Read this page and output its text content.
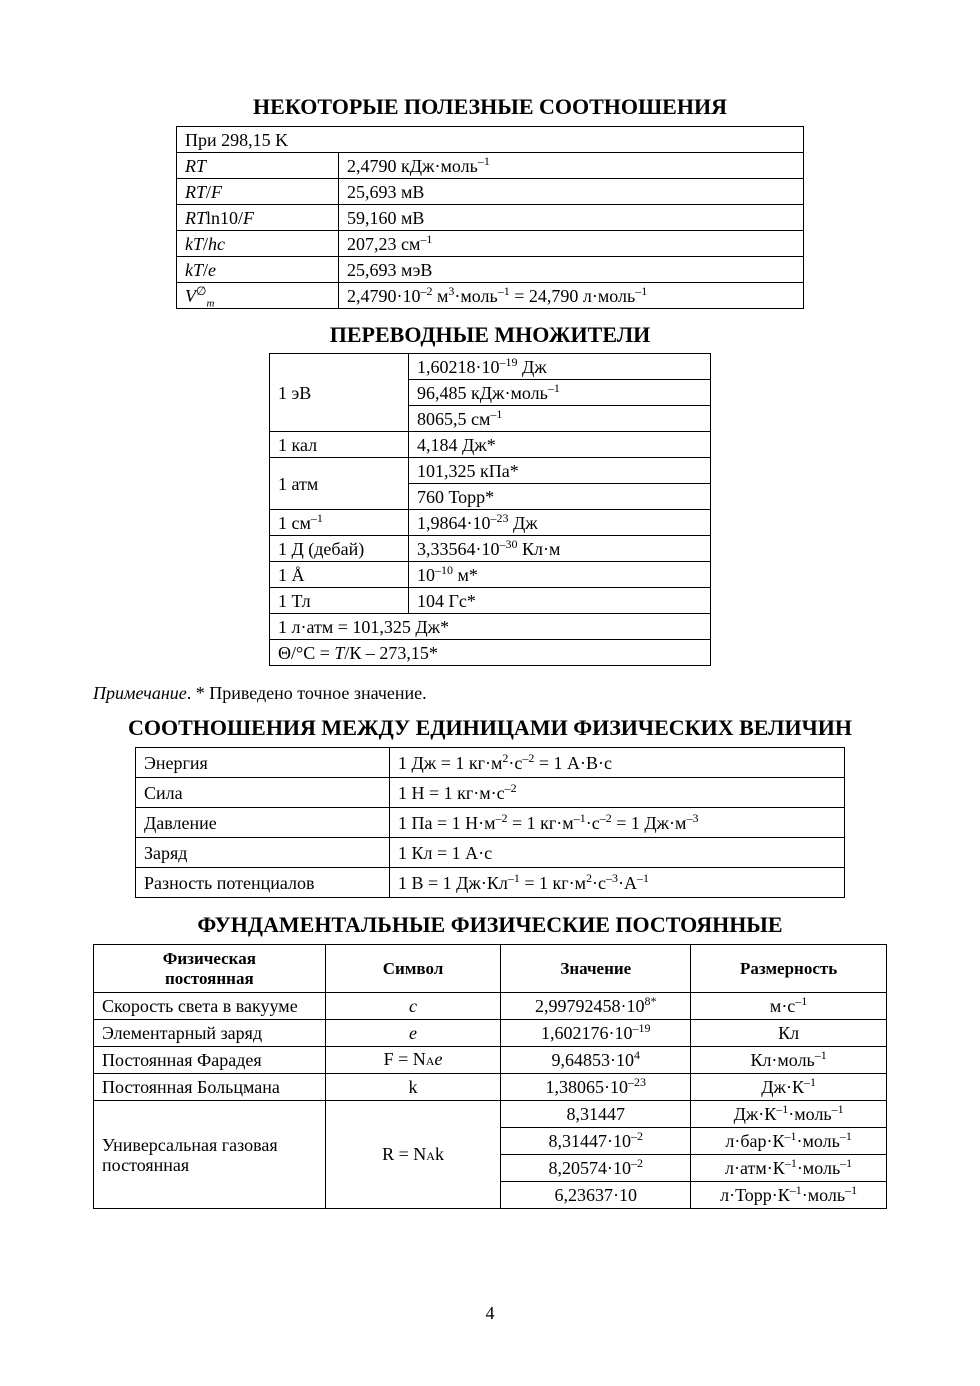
НЕКОТОРЫЕ ПОЛЕЗНЫЕ СООТНОШЕНИЯ
При 298,15 K	
RT	2,4790 кДж·моль$^{-1}$
RT/F	25,693 мВ
RTln10/F	59,160 мВ
kT/hc	207,23 $см^{-1}$
kT/e	25,693 мэВ
$V^\emptyset_m$	$2,4790\cdot 10^{-2}$ $м^3\cdot моль^{-1} = 24,790$ л·моль$^{-1}$
ПЕРЕВОДНЫЕ МНОЖИТЕЛИ
1 эВ	$1,60218\cdot 10^{-19}$ Дж
	96,485 кДж·моль$^{-1}$
	8065,5 $см^{-1}$
1 кал	4,184 Дж*
1 атм	101,325 кПа*
	760 Торр*
1 $см^{-1}$	$1,9864\cdot 10^{-23}$ Дж
1 Д (дебай)	$3,33564\cdot 10^{-30}$ Кл·м
1 Å	$10^{-10}$ м*
1 Тл	104 Гс*
1 л·атм = 101,325 Дж*	
Θ/°C = T/К – 273,15*	
Примечание. * Приведено точное значение.
СООТНОШЕНИЯ МЕЖДУ ЕДИНИЦАМИ ФИЗИЧЕСКИХ ВЕЛИЧИН
Энергия	1 Дж = 1 $кг\cdot м^2\cdot с^{-2} = 1$ А·В·с
Сила	1 Н = 1 $кг\cdot м\cdot с^{-2}$
Давление	1 Па = 1 $Н\cdot м^{-2} = 1$ $кг\cdot м^{-1}\cdot с^{-2} = 1$ $Дж\cdot м^{-3}$
Заряд	1 Кл = 1 А·с
Разность потенциалов	1 В = 1 $Дж\cdot Кл^{-1} = 1$ $кг\cdot м^2\cdot с^{-3}\cdot А^{-1}$
ФУНДАМЕНТАЛЬНЫЕ ФИЗИЧЕСКИЕ ПОСТОЯННЫЕ
Физическая
постоянная	Символ	Значение	Размерность
Скорость света в вакууме	c	$2,99792458\cdot 10^{8*}$	$м\cdot с^{-1}$
Элементарный заряд	e	$1,602176\cdot 10^{-19}$	Кл
Постоянная Фарадея	F = NAe	$9,64853\cdot 10^4$	Кл·моль$^{-1}$
Постоянная Больцмана	k	$1,38065\cdot 10^{-23}$	$Дж\cdot К^{-1}$
Универсальная газовая постоянная	R = NAk	8,31447	$Дж\cdot К^{-1}\cdot моль^{-1}$
		$8,31447\cdot 10^{-2}$	$л\cdot бар\cdot К^{-1}\cdot моль^{-1}$
		$8,20574\cdot 10^{-2}$	$л\cdot атм\cdot К^{-1}\cdot моль^{-1}$
		6,23637·10	$л\cdot Торр\cdot К^{-1}\cdot моль^{-1}$
4
